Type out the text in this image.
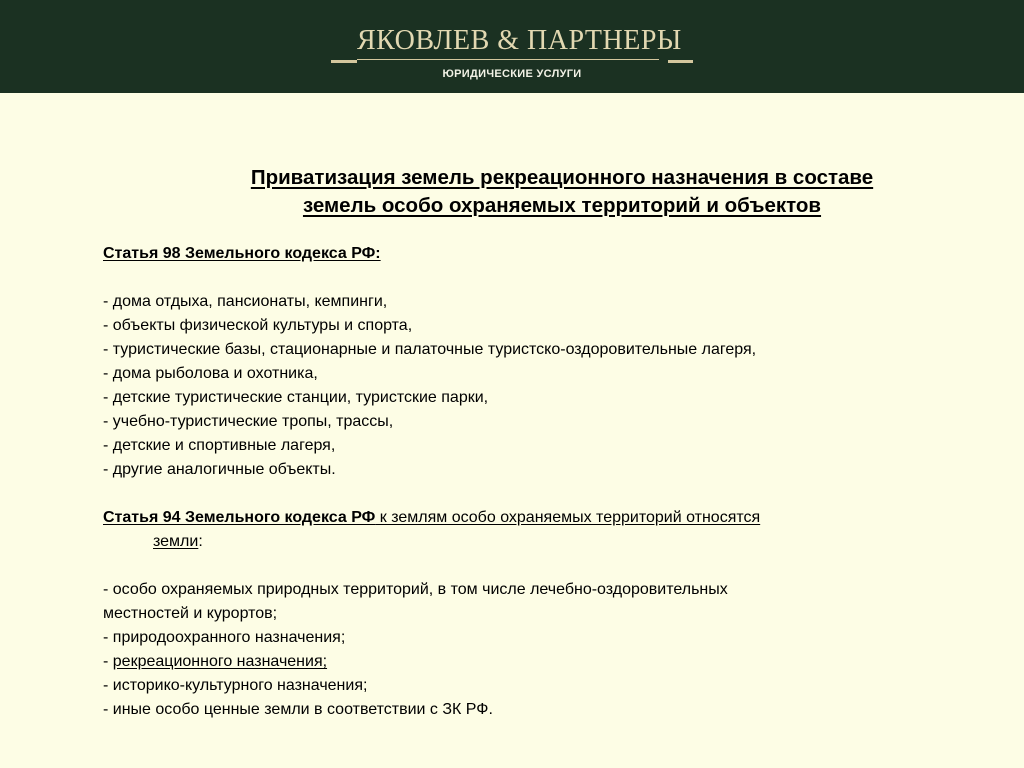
ЯКОВЛЕВ & ПАРТНЕРЫ
ЮРИДИЧЕСКИЕ УСЛУГИ
Приватизация земель рекреационного назначения в составе
земель особо охраняемых территорий и объектов
Статья 98 Земельного кодекса РФ:
- дома отдыха, пансионаты, кемпинги,
- объекты физической культуры и спорта,
- туристические базы, стационарные и палаточные туристско-оздоровительные лагеря,
- дома рыболова и охотника,
- детские туристические станции, туристские парки,
- учебно-туристические тропы, трассы,
- детские и спортивные лагеря,
- другие аналогичные объекты.
Статья 94 Земельного кодекса РФ к землям особо охраняемых территорий относятся
земли:
- особо охраняемых природных территорий, в том числе лечебно-оздоровительных
местностей и курортов;
- природоохранного назначения;
- рекреационного назначения;
- историко-культурного назначения;
- иные особо ценные земли в соответствии с ЗК РФ.
